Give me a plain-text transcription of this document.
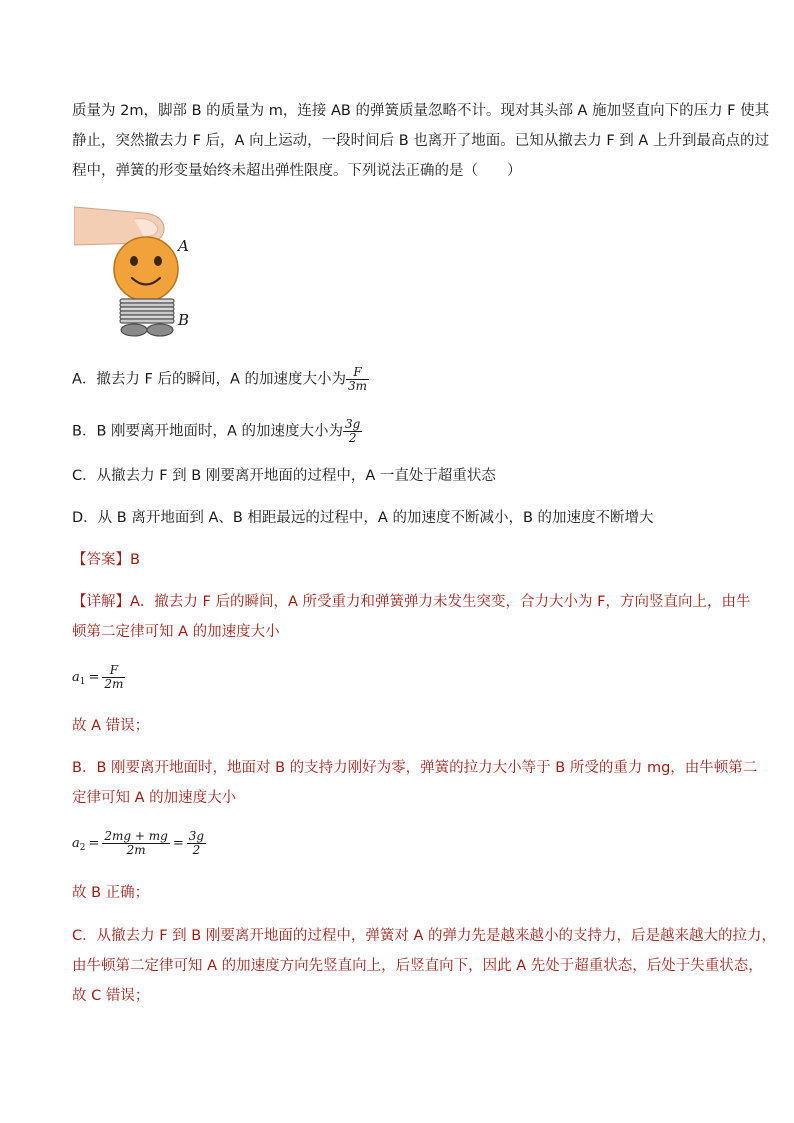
质量为 2m，脚部 B 的质量为 m，连接 AB 的弹簧质量忽略不计。现对其头部 A 施加竖直向下的压力 F 使其
静止，突然撤去力 F 后，A 向上运动，一段时间后 B 也离开了地面。已知从撤去力 F 到 A 上升到最高点的过
程中，弹簧的形变量始终未超出弹性限度。下列说法正确的是（　　）
A
B
A．撤去力 F 后的瞬间，A 的加速度大小为 $\frac{F}{3m}$
B．B 刚要离开地面时，A 的加速度大小为 $\frac{3g}{2}$
C．从撤去力 F 到 B 刚要离开地面的过程中，A 一直处于超重状态
D．从 B 离开地面到 A、B 相距最远的过程中，A 的加速度不断减小，B 的加速度不断增大
【答案】B
【详解】A．撤去力 F 后的瞬间，A 所受重力和弹簧弹力未发生突变，合力大小为 F，方向竖直向上，由牛
顿第二定律可知 A 的加速度大小
$a_1 = \frac{F}{2m}$
故 A 错误；
B．B 刚要离开地面时，地面对 B 的支持力刚好为零，弹簧的拉力大小等于 B 所受的重力 mg，由牛顿第二
定律可知 A 的加速度大小
$a_2 = \frac{2mg + mg}{2m} = \frac{3g}{2}$
故 B 正确；
C．从撤去力 F 到 B 刚要离开地面的过程中，弹簧对 A 的弹力先是越来越小的支持力，后是越来越大的拉力，
由牛顿第二定律可知 A 的加速度方向先竖直向上，后竖直向下，因此 A 先处于超重状态，后处于失重状态，
故 C 错误；
